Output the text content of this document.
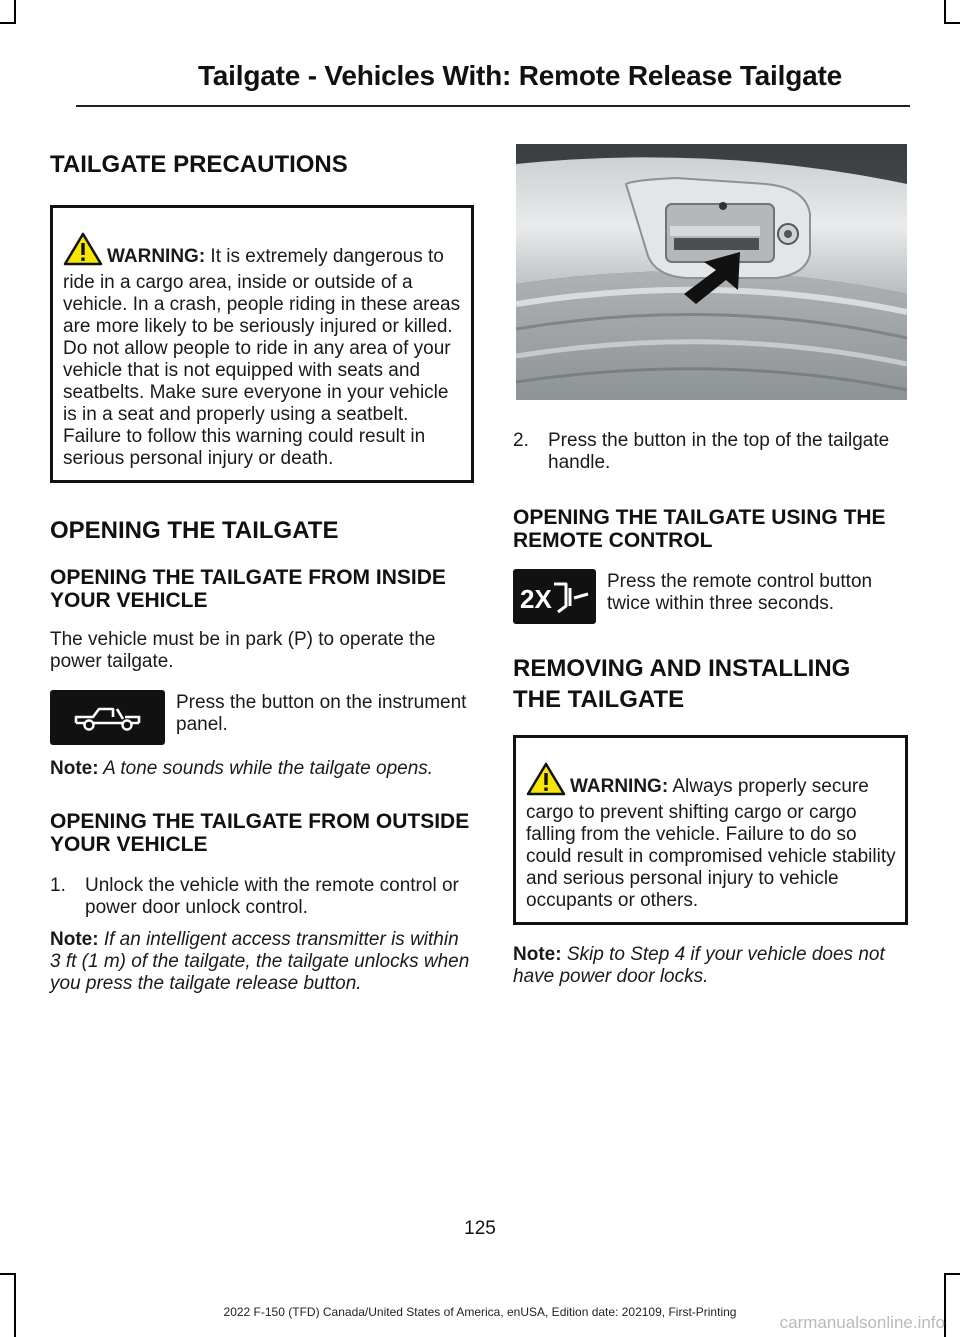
Tailgate - Vehicles With: Remote Release Tailgate
TAILGATE PRECAUTIONS
WARNING: It is extremely dangerous to ride in a cargo area, inside or outside of a vehicle. In a crash, people riding in these areas are more likely to be seriously injured or killed. Do not allow people to ride in any area of your vehicle that is not equipped with seats and seatbelts. Make sure everyone in your vehicle is in a seat and properly using a seatbelt. Failure to follow this warning could result in serious personal injury or death.
OPENING THE TAILGATE
OPENING THE TAILGATE FROM INSIDE YOUR VEHICLE

The vehicle must be in park (P) to operate the power tailgate.

Press the button on the instrument panel.

Note: A tone sounds while the tailgate opens.

OPENING THE TAILGATE FROM OUTSIDE YOUR VEHICLE
1.	Unlock the vehicle with the remote control or power door unlock control.

Note: If an intelligent access transmitter is within 3 ft (1 m) of the tailgate, the tailgate unlocks when you press the tailgate release button.

2.	Press the button in the top of the tailgate handle.
OPENING THE TAILGATE USING THE REMOTE CONTROL
2X
Press the remote control button twice within three seconds.
REMOVING AND INSTALLING
THE TAILGATE
WARNING: Always properly secure cargo to prevent shifting cargo or cargo falling from the vehicle. Failure to do so could result in compromised vehicle stability and serious personal injury to vehicle occupants or others.

Note: Skip to Step 4 if your vehicle does not have power door locks.

125
2022 F-150 (TFD) Canada/United States of America, enUSA, Edition date: 202109, First-Printing
carmanualsonline.info
